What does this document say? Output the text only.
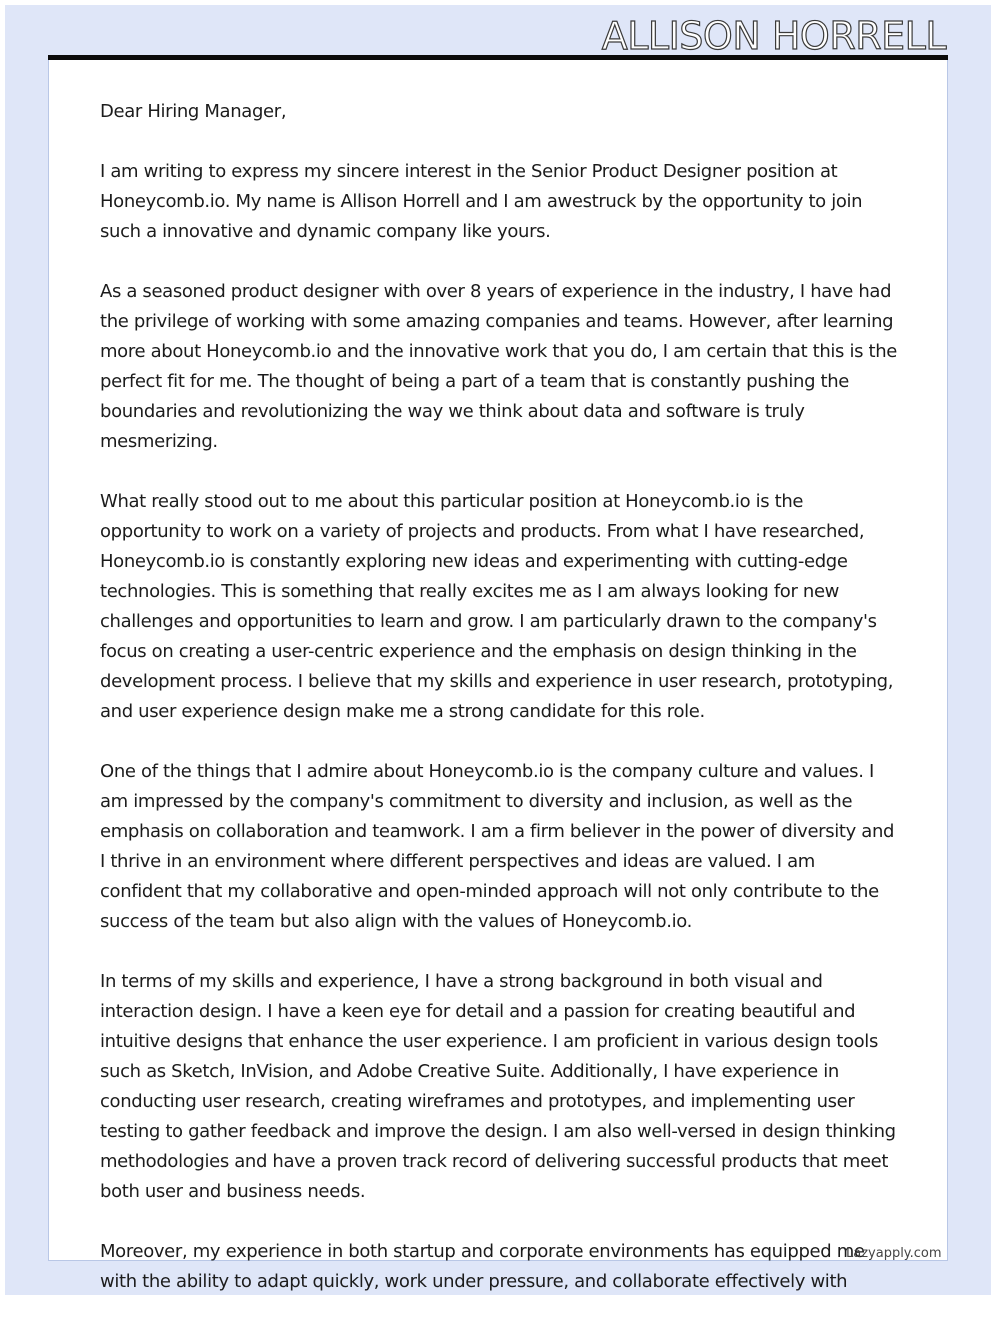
ALLISON HORRELL

Dear Hiring Manager,

I am writing to express my sincere interest in the Senior Product Designer position at Honeycomb.io. My name is Allison Horrell and I am awestruck by the opportunity to join such a innovative and dynamic company like yours.

As a seasoned product designer with over 8 years of experience in the industry, I have had the privilege of working with some amazing companies and teams. However, after learning more about Honeycomb.io and the innovative work that you do, I am certain that this is the perfect fit for me. The thought of being a part of a team that is constantly pushing the boundaries and revolutionizing the way we think about data and software is truly mesmerizing.

What really stood out to me about this particular position at Honeycomb.io is the opportunity to work on a variety of projects and products. From what I have researched, Honeycomb.io is constantly exploring new ideas and experimenting with cutting-edge technologies. This is something that really excites me as I am always looking for new challenges and opportunities to learn and grow. I am particularly drawn to the company's focus on creating a user-centric experience and the emphasis on design thinking in the development process. I believe that my skills and experience in user research, prototyping, and user experience design make me a strong candidate for this role.

One of the things that I admire about Honeycomb.io is the company culture and values. I am impressed by the company's commitment to diversity and inclusion, as well as the emphasis on collaboration and teamwork. I am a firm believer in the power of diversity and I thrive in an environment where different perspectives and ideas are valued. I am confident that my collaborative and open-minded approach will not only contribute to the success of the team but also align with the values of Honeycomb.io.

In terms of my skills and experience, I have a strong background in both visual and interaction design. I have a keen eye for detail and a passion for creating beautiful and intuitive designs that enhance the user experience. I am proficient in various design tools such as Sketch, InVision, and Adobe Creative Suite. Additionally, I have experience in conducting user research, creating wireframes and prototypes, and implementing user testing to gather feedback and improve the design. I am also well-versed in design thinking methodologies and have a proven track record of delivering successful products that meet both user and business needs.

Moreover, my experience in both startup and corporate environments has equipped me with the ability to adapt quickly, work under pressure, and collaborate effectively with

Lazyapply.com
